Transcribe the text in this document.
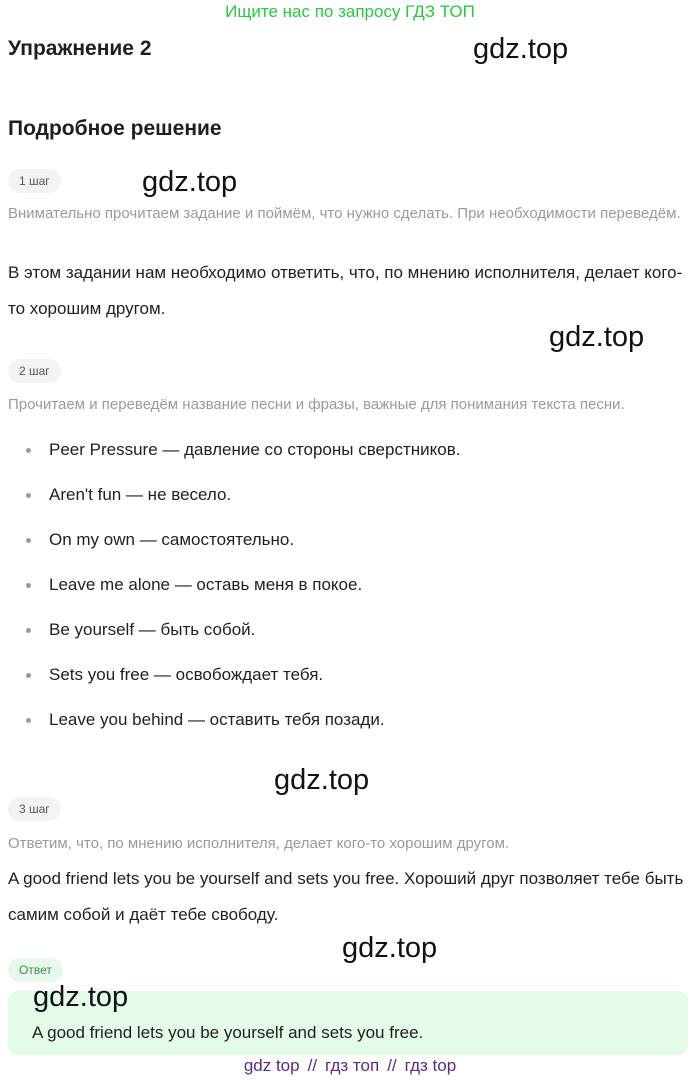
Ищите нас по запросу ГДЗ ТОП
Упражнение 2	gdz.top
Подробное решение
1 шаг	gdz.top
Внимательно прочитаем задание и поймём, что нужно сделать. При необходимости переведём.
В этом задании нам необходимо ответить, что, по мнению исполнителя, делает кого-то хорошим другом.
gdz.top
2 шаг
Прочитаем и переведём название песни и фразы, важные для понимания текста песни.
Peer Pressure — давление со стороны сверстников.
Aren't fun — не весело.
On my own — самостоятельно.
Leave me alone — оставь меня в покое.
Be yourself — быть собой.
Sets you free — освобождает тебя.
Leave you behind — оставить тебя позади.
gdz.top
3 шаг
Ответим, что, по мнению исполнителя, делает кого-то хорошим другом.
A good friend lets you be yourself and sets you free. Хороший друг позволяет тебе быть самим собой и даёт тебе свободу.
gdz.top
Ответ
gdz.top
A good friend lets you be yourself and sets you free.
gdz top // гдз топ // гдз top
